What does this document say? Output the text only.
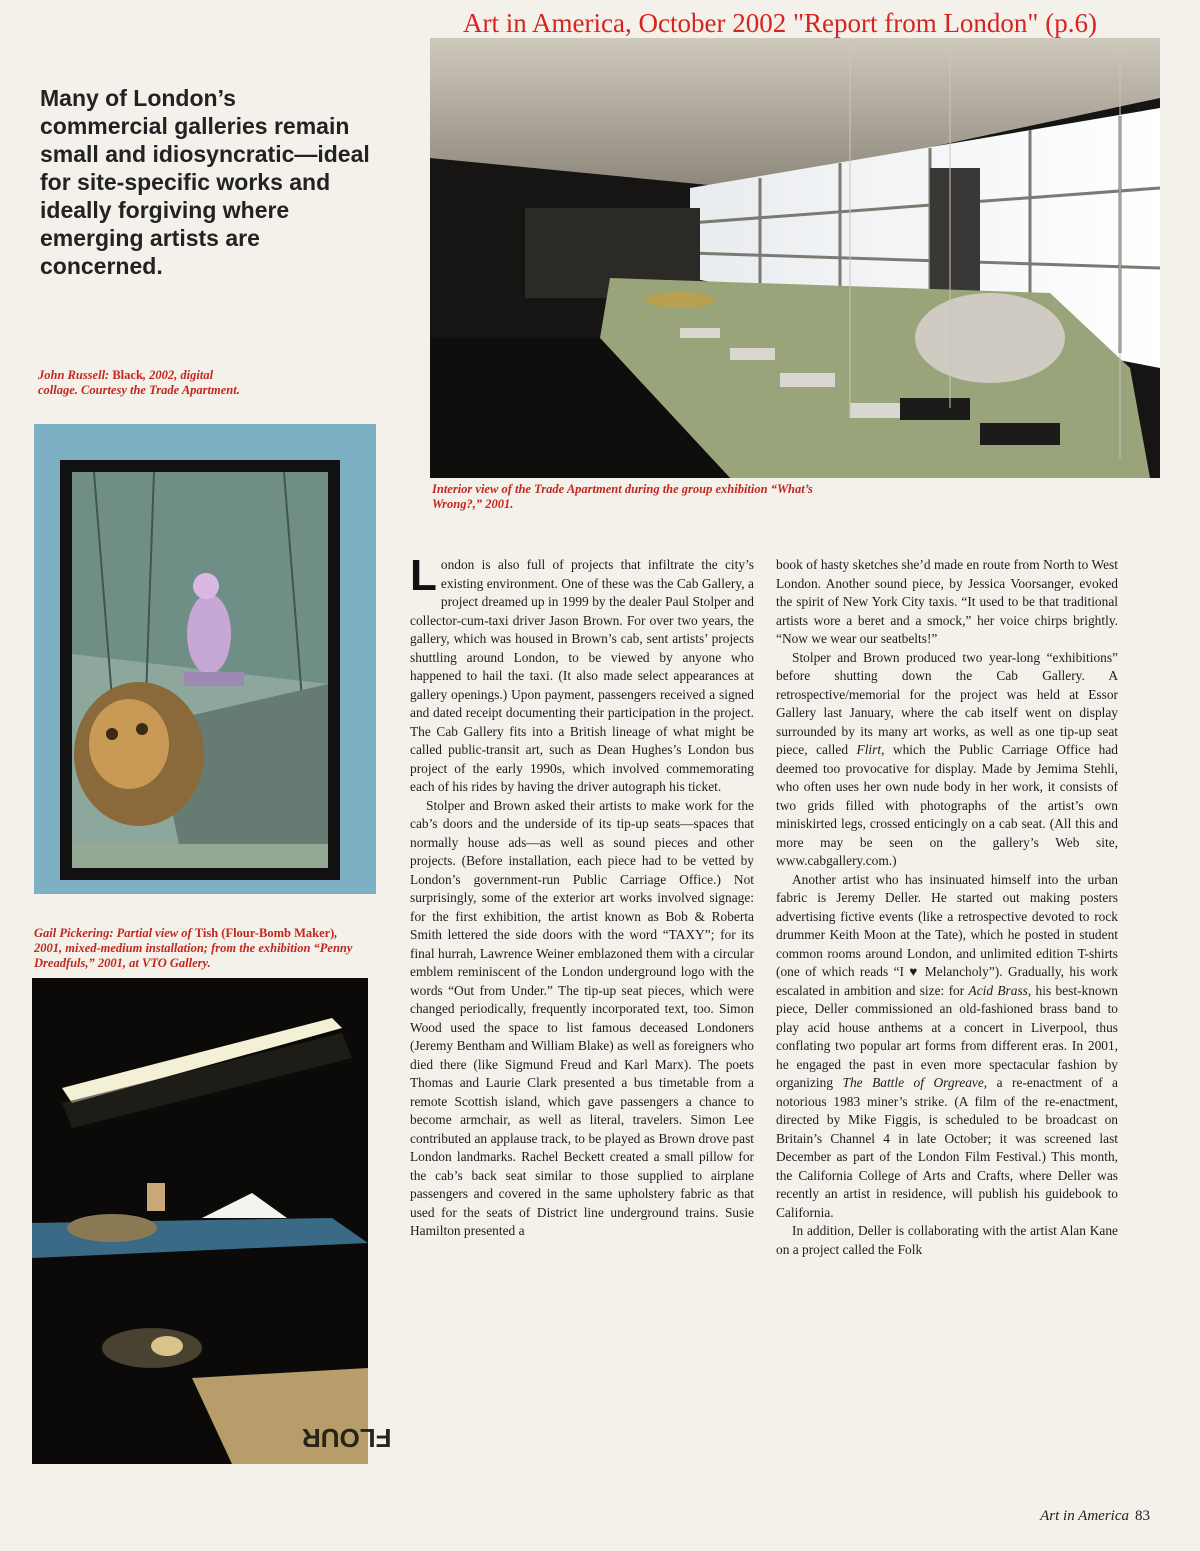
Art in America, October 2002 "Report from London" (p.6)
Many of London’s commercial galleries remain small and idiosyncratic—ideal for site-specific works and ideally forgiving where emerging artists are concerned.
Interior view of the Trade Apartment during the group exhibition “What’s Wrong?,” 2001.
John Russell: Black, 2002, digital collage. Courtesy the Trade Apartment.
Gail Pickering: Partial view of Tish (Flour-Bomb Maker), 2001, mixed-medium installation; from the exhibition “Penny Dreadfuls,” 2001, at VTO Gallery.
FLOUR

London is also full of projects that infiltrate the city’s existing environment. One of these was the Cab Gallery, a project dreamed up in 1999 by the dealer Paul Stolper and collector-cum-taxi driver Jason Brown. For over two years, the gallery, which was housed in Brown’s cab, sent artists’ projects shuttling around London, to be viewed by anyone who happened to hail the taxi. (It also made select appearances at gallery openings.) Upon payment, passengers received a signed and dated receipt documenting their participation in the project. The Cab Gallery fits into a British lineage of what might be called public-transit art, such as Dean Hughes’s London bus project of the early 1990s, which involved commemorating each of his rides by having the driver autograph his ticket.

Stolper and Brown asked their artists to make work for the cab’s doors and the underside of its tip-up seats—spaces that normally house ads—as well as sound pieces and other projects. (Before installation, each piece had to be vetted by London’s government-run Public Carriage Office.) Not surprisingly, some of the exterior art works involved signage: for the first exhibition, the artist known as Bob & Roberta Smith lettered the side doors with the word “TAXY”; for its final hurrah, Lawrence Weiner emblazoned them with a circular emblem reminiscent of the London underground logo with the words “Out from Under.” The tip-up seat pieces, which were changed periodically, frequently incorporated text, too. Simon Wood used the space to list famous deceased Londoners (Jeremy Bentham and William Blake) as well as foreigners who died there (like Sigmund Freud and Karl Marx). The poets Thomas and Laurie Clark presented a bus timetable from a remote Scottish island, which gave passengers a chance to become armchair, as well as literal, travelers. Simon Lee contributed an applause track, to be played as Brown drove past London landmarks. Rachel Beckett created a small pillow for the cab’s back seat similar to those supplied to airplane passengers and covered in the same upholstery fabric as that used for the seats of District line underground trains. Susie Hamilton presented a

book of hasty sketches she’d made en route from North to West London. Another sound piece, by Jessica Voorsanger, evoked the spirit of New York City taxis. “It used to be that traditional artists wore a beret and a smock,” her voice chirps brightly. “Now we wear our seatbelts!”

Stolper and Brown produced two year-long “exhibitions” before shutting down the Cab Gallery. A retrospective/memorial for the project was held at Essor Gallery last January, where the cab itself went on display surrounded by its many art works, as well as one tip-up seat piece, called Flirt, which the Public Carriage Office had deemed too provocative for display. Made by Jemima Stehli, who often uses her own nude body in her work, it consists of two grids filled with photographs of the artist’s own miniskirted legs, crossed enticingly on a cab seat. (All this and more may be seen on the gallery’s Web site, www.cabgallery.com.)

Another artist who has insinuated himself into the urban fabric is Jeremy Deller. He started out making posters advertising fictive events (like a retrospective devoted to rock drummer Keith Moon at the Tate), which he posted in student common rooms around London, and unlimited edition T-shirts (one of which reads “I ♥ Melancholy”). Gradually, his work escalated in ambition and size: for Acid Brass, his best-known piece, Deller commissioned an old-fashioned brass band to play acid house anthems at a concert in Liverpool, thus conflating two popular art forms from different eras. In 2001, he engaged the past in even more spectacular fashion by organizing The Battle of Orgreave, a re-enactment of a notorious 1983 miner’s strike. (A film of the re-enactment, directed by Mike Figgis, is scheduled to be broadcast on Britain’s Channel 4 in late October; it was screened last December as part of the London Film Festival.) This month, the California College of Arts and Crafts, where Deller was recently an artist in residence, will publish his guidebook to California.

In addition, Deller is collaborating with the artist Alan Kane on a project called the Folk

Art in America 83
